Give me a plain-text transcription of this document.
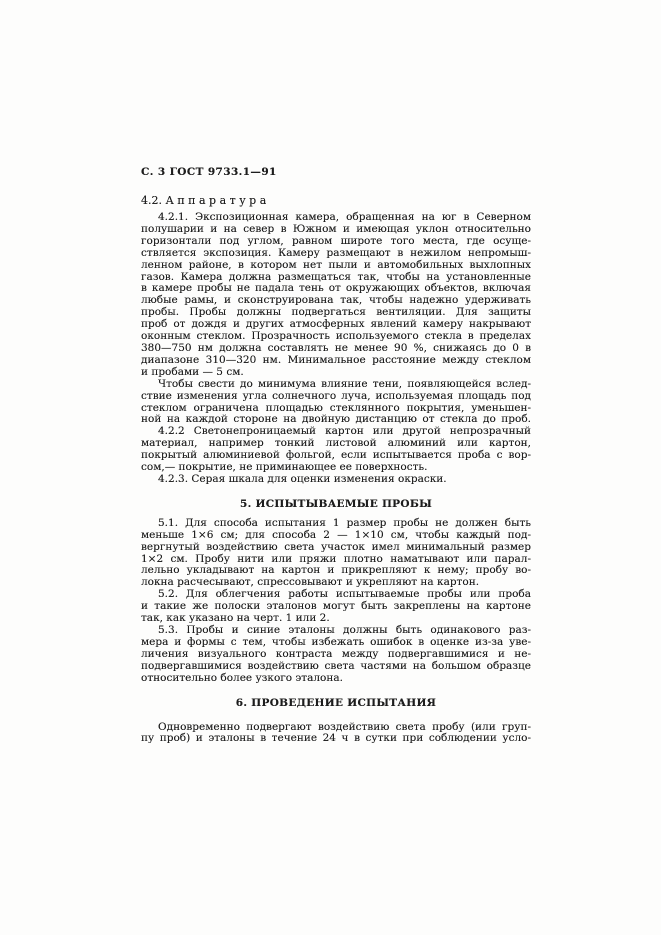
С. 3 ГОСТ 9733.1—91
4.2. А п п а р а т у р а
4.2.1. Экспозиционная камера, обращенная на юг в Северном
полушарии и на север в Южном и имеющая уклон относительно
горизонтали под углом, равном широте того места, где осуще-
ствляется экспозиция. Камеру размещают в нежилом непромыш-
ленном районе, в котором нет пыли и автомобильных выхлопных
газов. Камера должна размещаться так, чтобы на установленные
в камере пробы не падала тень от окружающих объектов, включая
любые рамы, и сконструирована так, чтобы надежно удерживать
пробы. Пробы должны подвергаться вентиляции. Для защиты
проб от дождя и других атмосферных явлений камеру накрывают
оконным стеклом. Прозрачность используемого стекла в пределах
380—750 нм должна составлять не менее 90 %, снижаясь до 0 в
диапазоне 310—320 нм. Минимальное расстояние между стеклом
и пробами — 5 см.
Чтобы свести до минимума влияние тени, появляющейся вслед-
ствие изменения угла солнечного луча, используемая площадь под
стеклом ограничена площадью стеклянного покрытия, уменьшен-
ной на каждой стороне на двойную дистанцию от стекла до проб.
4.2.2 Светонепроницаемый картон или другой непрозрачный
материал, например тонкий листовой алюминий или картон,
покрытый алюминиевой фольгой, если испытывается проба с вор-
сом,— покрытие, не приминающее ее поверхность.
4.2.3. Серая шкала для оценки изменения окраски.
5. ИСПЫТЫВАЕМЫЕ ПРОБЫ
5.1. Для способа испытания 1 размер пробы не должен быть
меньше 1×6 см; для способа 2 — 1×10 см, чтобы каждый под-
вергнутый воздействию света участок имел минимальный размер
1×2 см. Пробу нити или пряжи плотно наматывают или парал-
лельно укладывают на картон и прикрепляют к нему; пробу во-
локна расчесывают, спрессовывают и укрепляют на картон.
5.2. Для облегчения работы испытываемые пробы или проба
и такие же полоски эталонов могут быть закреплены на картоне
так, как указано на черт. 1 или 2.
5.3. Пробы и синие эталоны должны быть одинакового раз-
мера и формы с тем, чтобы избежать ошибок в оценке из-за уве-
личения визуального контраста между подвергавшимися и не-
подвергавшимися воздействию света частями на большом образце
относительно более узкого эталона.
6. ПРОВЕДЕНИЕ ИСПЫТАНИЯ
Одновременно подвергают воздействию света пробу (или груп-
пу проб) и эталоны в течение 24 ч в сутки при соблюдении усло-
